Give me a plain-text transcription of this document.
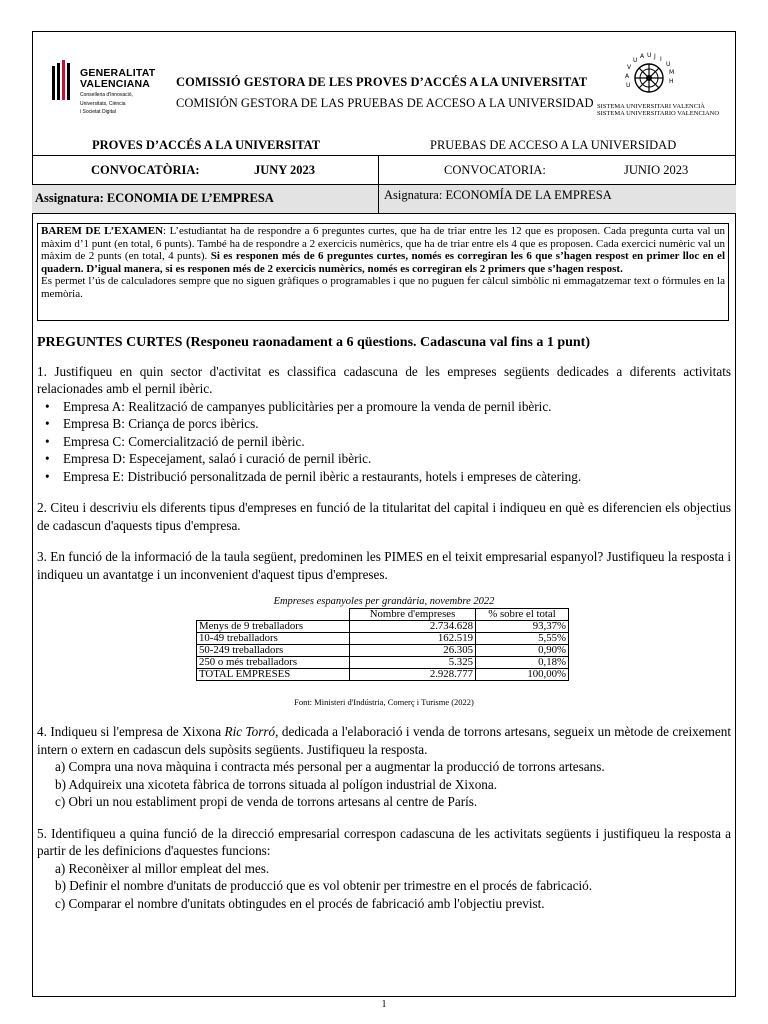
GENERALITAT
VALENCIANA
Conselleria d'Innovació,
Universitats, Ciència
i Societat Digital
COMISSIÓ GESTORA DE LES PROVES D’ACCÉS A LA UNIVERSITAT
COMISIÓN GESTORA DE LAS PRUEBAS DE ACCESO A LA UNIVERSIDAD
U J I
U
M
H
A
U
V
A
U
SISTEMA UNIVERSITARI VALENCIÀ
SISTEMA UNIVERSITARIO VALENCIANO
PROVES D’ACCÉS A LA UNIVERSITAT	PRUEBAS DE ACCESO A LA UNIVERSIDAD
CONVOCATÒRIA:	JUNY 2023	CONVOCATORIA:	JUNIO 2023
Assignatura: ECONOMIA DE L’EMPRESA	Asignatura: ECONOMÍA DE LA EMPRESA

BAREM DE L’EXAMEN: L’estudiantat ha de respondre a 6 preguntes curtes, que ha de triar entre les 12 que es proposen. Cada pregunta curta val un màxim d’1 punt (en total, 6 punts). També ha de respondre a 2 exercicis numèrics, que ha de triar entre els 4 que es proposen. Cada exercici numèric val un màxim de 2 punts (en total, 4 punts). Si es responen més de 6 preguntes curtes, només es corregiran les 6 que s’hagen respost en primer lloc en el quadern. D’igual manera, si es responen més de 2 exercicis numèrics, només es corregiran els 2 primers que s’hagen respost.

Es permet l’ús de calculadores sempre que no siguen gràfiques o programables i que no puguen fer càlcul simbòlic ni emmagatzemar text o fórmules en la memòria.

PREGUNTES CURTES (Responeu raonadament a 6 qüestions. Cadascuna val fins a 1 punt)

1. Justifiqueu en quin sector d'activitat es classifica cadascuna de les empreses següents dedicades a diferents activitats relacionades amb el pernil ibèric.

• Empresa A: Realització de campanyes publicitàries per a promoure la venda de pernil ibèric.
• Empresa B: Criança de porcs ibèrics.
• Empresa C: Comercialització de pernil ibèric.
• Empresa D: Especejament, salaó i curació de pernil ibèric.
• Empresa E: Distribució personalitzada de pernil ibèric a restaurants, hotels i empreses de càtering.

2. Citeu i descriviu els diferents tipus d'empreses en funció de la titularitat del capital i indiqueu en què es diferencien els objectius de cadascun d'aquests tipus d'empresa.

3. En funció de la informació de la taula següent, predominen les PIMES en el teixit empresarial espanyol? Justifiqueu la resposta i indiqueu un avantatge i un inconvenient d'aquest tipus d'empreses.

Empreses espanyoles per grandària, novembre 2022
	Nombre d'empreses	% sobre el total
Menys de 9 treballadors	2.734.628	93,37%
10-49 treballadors	162.519	5,55%
50-249 treballadors	26.305	0,90%
250 o més treballadors	5.325	0,18%
TOTAL EMPRESES	2.928.777	100,00%
Font: Ministeri d'Indústria, Comerç i Turisme (2022)

4. Indiqueu si l'empresa de Xixona Ric Torró, dedicada a l'elaboració i venda de torrons artesans, segueix un mètode de creixement intern o extern en cadascun dels supòsits següents. Justifiqueu la resposta.

a) Compra una nova màquina i contracta més personal per a augmentar la producció de torrons artesans.

b) Adquireix una xicoteta fàbrica de torrons situada al polígon industrial de Xixona.

c) Obri un nou establiment propi de venda de torrons artesans al centre de París.

5. Identifiqueu a quina funció de la direcció empresarial correspon cadascuna de les activitats següents i justifiqueu la resposta a partir de les definicions d'aquestes funcions:

a) Reconèixer al millor empleat del mes.

b) Definir el nombre d'unitats de producció que es vol obtenir per trimestre en el procés de fabricació.

c) Comparar el nombre d'unitats obtingudes en el procés de fabricació amb l'objectiu previst.

1
